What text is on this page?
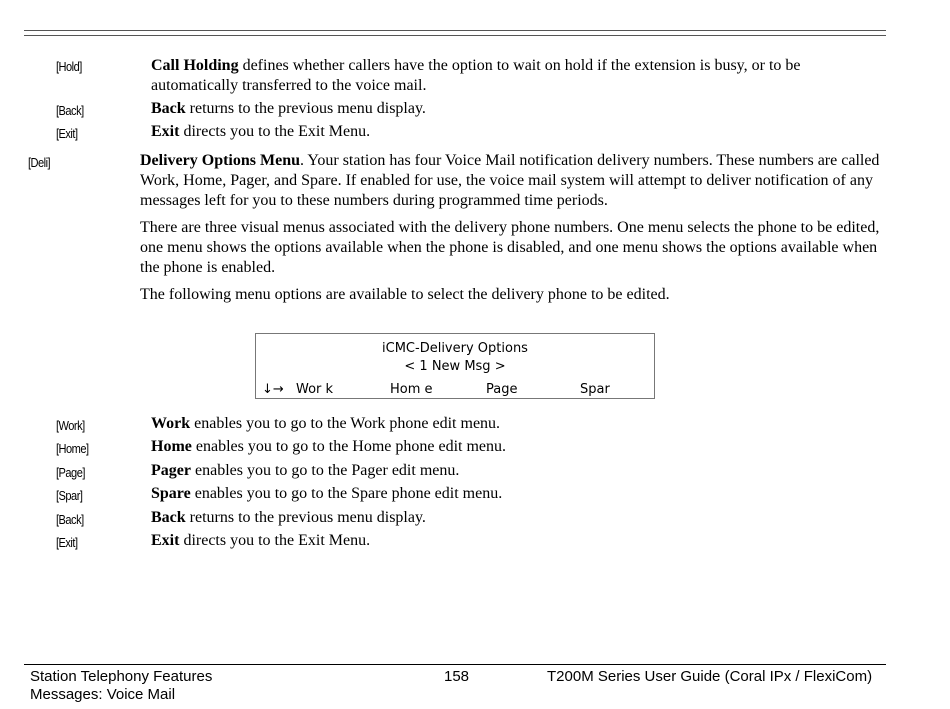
[Hold]	Call Holding defines whether callers have the option to wait on hold if the extension is busy, or to be automatically transferred to the voice mail.
[Back]	Back returns to the previous menu display.
[Exit]	Exit directs you to the Exit Menu.
[Deli]	Delivery Options Menu. Your station has four Voice Mail notification delivery numbers. These numbers are called Work, Home, Pager, and Spare. If enabled for use, the voice mail system will attempt to deliver notification of any messages left for you to these numbers during programmed time periods.
There are three visual menus associated with the delivery phone numbers. One menu selects the phone to be edited, one menu shows the options available when the phone is disabled, and one menu shows the options available when the phone is enabled.
The following menu options are available to select the delivery phone to be edited.
iCMC-Delivery Options
< 1 New Msg >
↓→ Wor k	Hom e	Page	Spar
[Work]	Work enables you to go to the Work phone edit menu.
[Home]	Home enables you to go to the Home phone edit menu.
[Page]	Pager enables you to go to the Pager edit menu.
[Spar]	Spare enables you to go to the Spare phone edit menu.
[Back]	Back returns to the previous menu display.
[Exit]	Exit directs you to the Exit Menu.
Station Telephony Features
Messages: Voice Mail
158	T200M Series User Guide (Coral IPx / FlexiCom)
